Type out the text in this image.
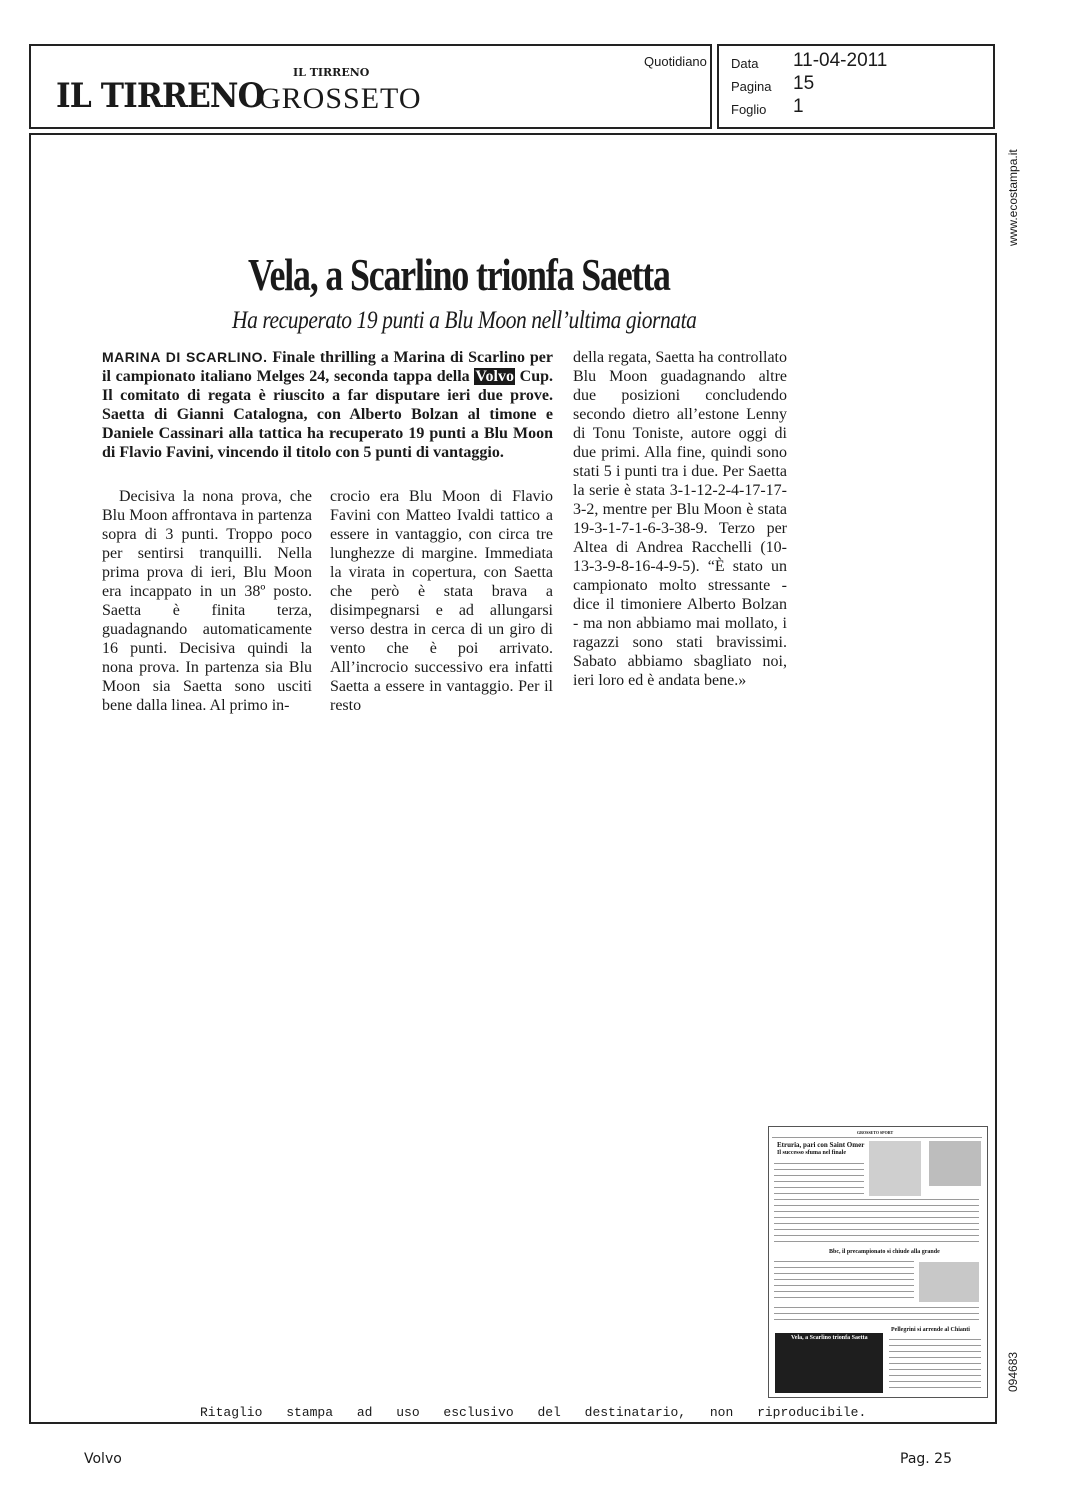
IL TIRRENO
IL TIRRENO
GROSSETO
Quotidiano Data 11-04-2011
Pagina 15
Foglio 1
www.ecostampa.it
094683
Vela, a Scarlino trionfa Saetta
Ha recuperato 19 punti a Blu Moon nell’ultima giornata
MARINA DI SCARLINO. Finale thrilling a Marina di Scarlino per il campionato italiano Melges 24, seconda tappa della Volvo Cup. Il comitato di regata è riuscito a far disputare ieri due prove. Saetta di Gianni Catalogna, con Alberto Bolzan al timone e Daniele Cassinari alla tattica ha recuperato 19 punti a Blu Moon di Flavio Favini, vincendo il titolo con 5 punti di vantaggio.

Decisiva la nona prova, che Blu Moon affrontava in partenza sopra di 3 punti. Troppo poco per sentirsi tranquilli. Nella prima prova di ieri, Blu Moon era incappato in un 38º posto. Saetta è finita terza, guadagnando automaticamente 16 punti. Decisiva quindi la nona prova. In partenza sia Blu Moon sia Saetta sono usciti bene dalla linea. Al primo in-

crocio era Blu Moon di Flavio Favini con Matteo Ivaldi tattico a essere in vantaggio, con circa tre lunghezze di margine. Immediata la virata in copertura, con Saetta che però è stata brava a disimpegnarsi e ad allungarsi verso destra in cerca di un giro di vento che è poi arrivato. All’incrocio successivo era infatti Saetta a essere in vantaggio. Per il resto

della regata, Saetta ha controllato Blu Moon guadagnando altre due posizioni concludendo secondo dietro all’estone Lenny di Tonu Toniste, autore oggi di due primi. Alla fine, quindi sono stati 5 i punti tra i due. Per Saetta la serie è stata 3-1-12-2-4-17-17-3-2, mentre per Blu Moon è stata 19-3-1-7-1-6-3-38-9. Terzo per Altea di Andrea Racchelli (10-13-3-9-8-16-4-9-5). “È stato un campionato molto stressante - dice il timoniere Alberto Bolzan - ma non abbiamo mai mollato, i ragazzi sono stati bravissimi. Sabato abbiamo sbagliato noi, ieri loro ed è andata bene.»

GROSSETO SPORT
Etruria, pari con Saint Omer
Il successo sfuma nel finale
Bbc, il precampionato si chiude alla grande
Pellegrini si arrende al Chianti
Vela, a Scarlino trionfa Saetta
Ritaglio stampa ad uso esclusivo del destinatario, non riproducibile.
Volvo	Pag. 25
